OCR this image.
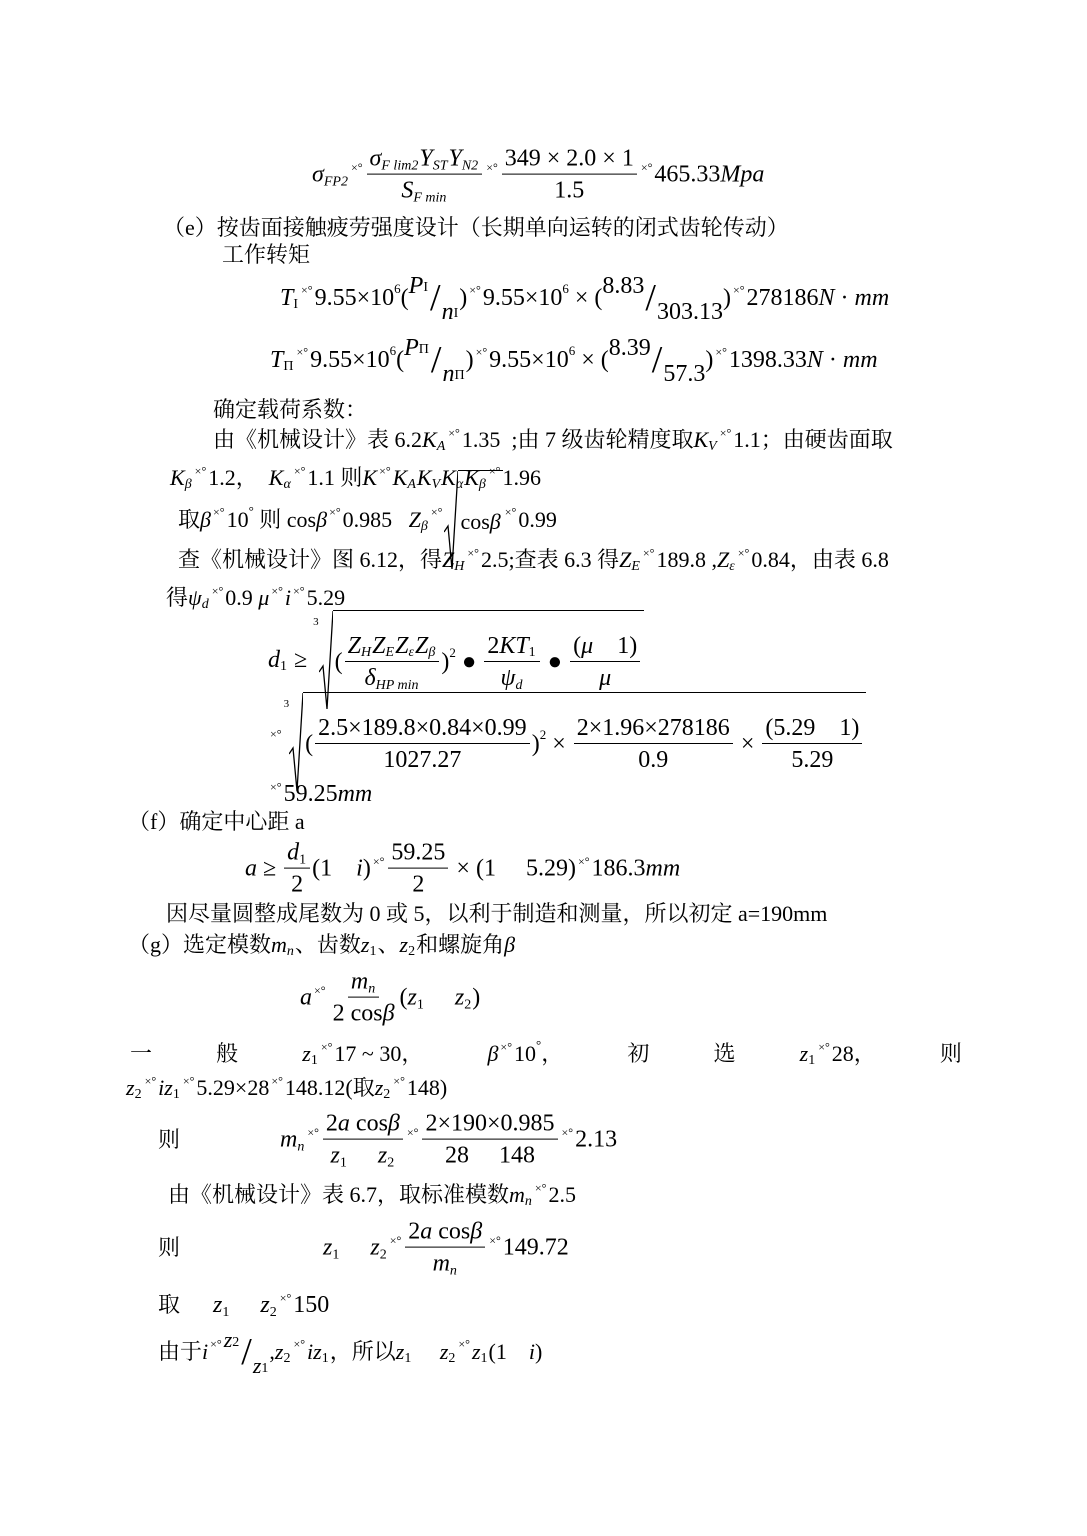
σ FP2
×° $\frac{\text{σ F lim2 Y ST Y N2}}{\text{S F min}}$ ×° $\frac{349 \times 2.0 \times 1}{1.5}$ ×° 465.33 Mpa
（e）按齿面接触疲劳强度设计（长期单向运转的闭式齿轮传动）
工作转矩
T I
×° 9.55×10 6 ( P I / n I
) ×° 9.55×10 6 × ( 8.83 / 303.13
) ×° 278186 N · mm
T Π
×° 9.55×10 6 ( P Π / n Π
) ×° 9.55×10 6 × ( 8.39 / 57.3
) ×° 1398.33 N · mm
确定载荷系数：
由《机械设计》表 6.2 K A
×° 1.35  ;由 7 级齿轮精度取 K V
×° 1.1；由硬齿面取
K β
×° 1.2， K α
×° 1.1 则 K ×° K A K V K α K β
×° 1.96
取 β ×° 10 ° 则 cos β ×° 0.985 Z β
×° cos β ×° 0.99
查《机械设计》图 6.12，得 Z H
×° 2.5;查表 6.3 得 Z E
×° 189.8 , Z ε
×° 0.84，由表 6.8
得 ψ d
×° 0.9 μ ×° i ×° 5.29
d 1 ≥
3
( $\frac{\text{Z H Z E Z ε Z β}}{\text{δ HP min}}$ ) 2 ● $\frac{2 KT 1}{\text{ψ d}}$ ● $\frac{( \mu 1)}{\mu}$
×°
3
( $\frac{2.5\times 189.8\times 0.84\times 0.99}{1027.27}$ ) $2 \times \frac{2\times 1.96\times 278186}{0.9} \times \frac{(5.29 1)}{5.29}$
×° 59.25 mm
（f）确定中心距 a
$a \ge \frac{d 1}{2} (1$ i ) ×° $\frac{59.25}{2} \times (1$     5.29) ×° 186.3 mm
因尽量圆整成尾数为 0 或 5，以利于制造和测量，所以初定 a=190mm
（g）选定模数 m n 、齿数 z 1 、 z 2 和螺旋角 β
a ×° $\frac{\text{m n}}{\text{2 cos β}}$ ( z 1
z 2 )
一	般	z 1
×° 17 ~ 30，	β ×° 10 ° ，	初	选	z 1
×° 28，	则
z 2
×° iz 1
×° 5.29×28 ×° 148.12(取 z 2
×° 148)
则	m n
×° 2 a cos β
z 1
z 2 ×° $\frac{2\times 190\times 0.985}{28 148}$ ×° 2.13
由《机械设计》表 6.7，取标准模数 m n
×° 2.5
则	z 1
z 2
×° $\frac{\text{2 a cos β}}{\text{m n}}$ ×° 149.72
取 z 1
z 2
×° 150
由于 i ×° z 2 / z 1
, z 2
×° iz 1 ，所以 z 1
z 2
×° z 1 (1 i )
